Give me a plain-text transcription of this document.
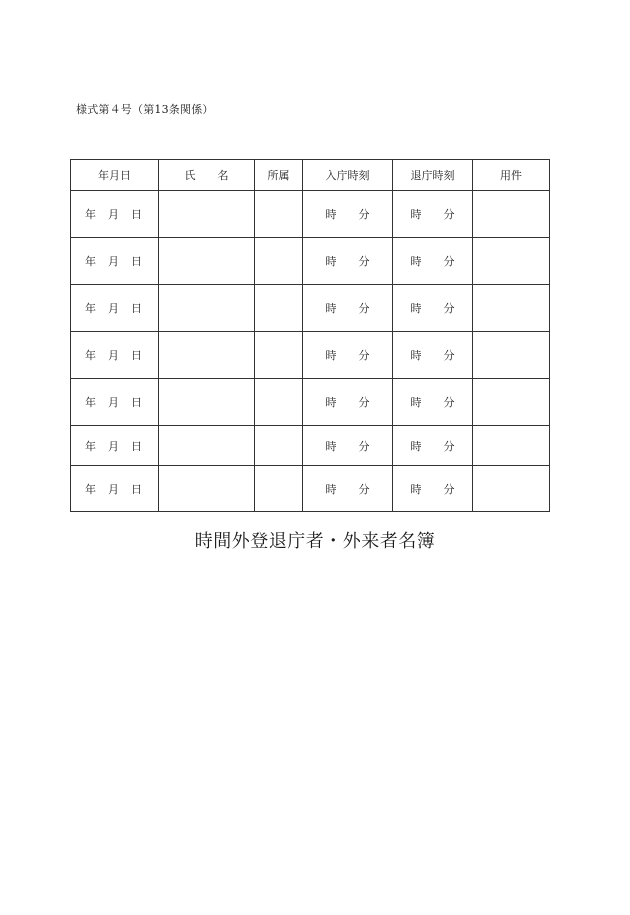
様式第４号（第13条関係）
年月日	氏　　名	所属	入庁時刻	退庁時刻	用件

年 月 日			時 分	時 分	

年 月 日			時 分	時 分	

年 月 日			時 分	時 分	

年 月 日			時 分	時 分	

年 月 日			時 分	時 分	

年 月 日			時 分	時 分	

年 月 日			時 分	時 分	

時間外登退庁者・外来者名簿
